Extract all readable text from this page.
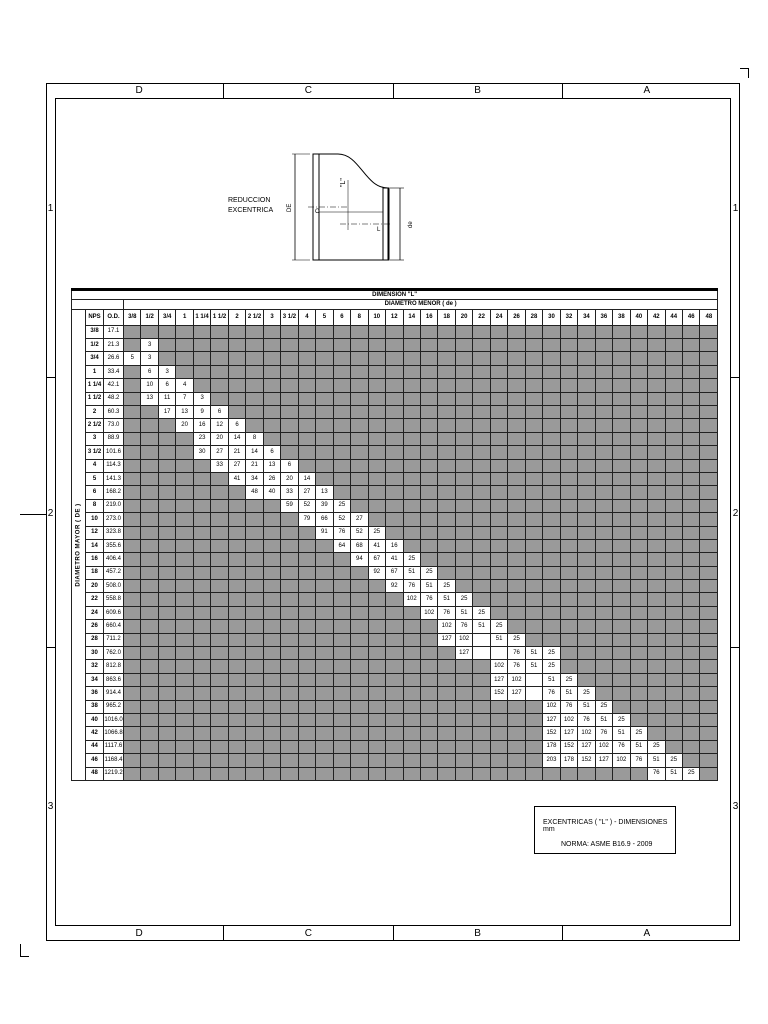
D	C	B	A
D	C	B	A
1
2
3
1
2
3
REDUCCION
EXCENTRICA DE
de
"L"
C
L
DIMENSION "L"																																				
			DIAMETRO MENOR ( de )																																	

DIAMETRO MAYOR ( DE )	NPS	O.D.	3/8	1/2	3/4	1	1 1/4	1 1/2	2	2 1/2	3	3 1/2	4	5	6	8	10	12	14	16	18	20	22	24	26	28	30	32	34	36	38	40	42	44	46	48
	3/8	17.1																																		
	1/2	21.3		3																																
	3/4	26.6	5	3																																
	1	33.4		6	3																															
	1 1/4	42.1		10	6	4																														
	1 1/2	48.2		13	11	7	3																													
	2	60.3			17	13	9	6																												
	2 1/2	73.0				20	16	12	6																											
	3	88.9					23	20	14	8																										
	3 1/2	101.6					30	27	21	14	6																									
	4	114.3						33	27	21	13	6																								
	5	141.3							41	34	26	20	14																							
	6	168.2								48	40	33	27	13																						
	8	219.0										59	52	39	25																					
	10	273.0											79	66	52	27																				
	12	323.8												91	76	52	25																			
	14	355.6													64	68	41	16																		
	16	406.4														94	67	41	25																	
	18	457.2															92	67	51	25																
	20	508.0																92	76	51	25															
	22	558.8																	102	76	51	25														
	24	609.6																		102	76	51	25													
	26	660.4																			102	76	51	25												
	28	711.2																			127	102		51	25											
	30	762.0																				127			76	51	25									
	32	812.8																						102	76	51	25									
	34	863.6																						127	102		51	25								
	36	914.4																						152	127		76	51	25							
	38	965.2																									102	76	51	25						
	40	1016.0																									127	102	76	51	25					
	42	1066.8																									152	127	102	76	51	25				
	44	1117.6																									178	152	127	102	76	51	25			
	46	1168.4																									203	178	152	127	102	76	51	25		
	48	1219.2																															76	51	25	
EXCENTRICAS ( "L" ) - DIMENSIONES mm
NORMA: ASME B16.9 - 2009
